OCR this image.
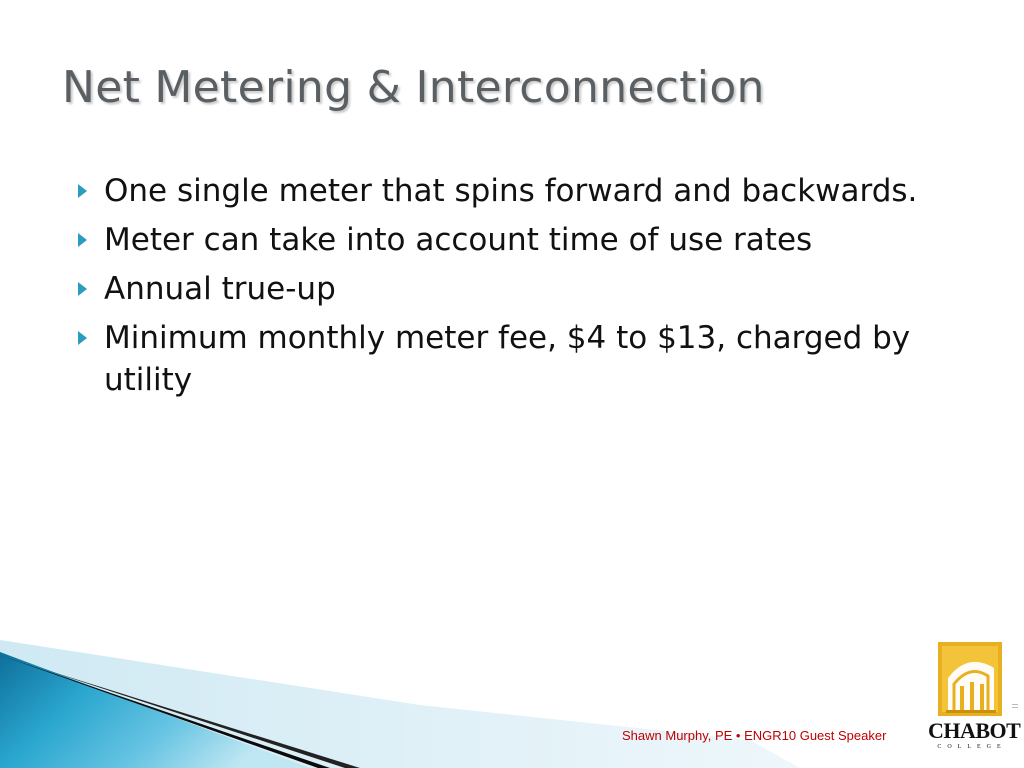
Net Metering & Interconnection
One single meter that spins forward and backwards.
Meter can take into account time of use rates
Annual true-up
Minimum monthly meter fee, $4 to $13, charged by utility
Shawn Murphy, PE • ENGR10 Guest Speaker CHABOT
COLLEGE
